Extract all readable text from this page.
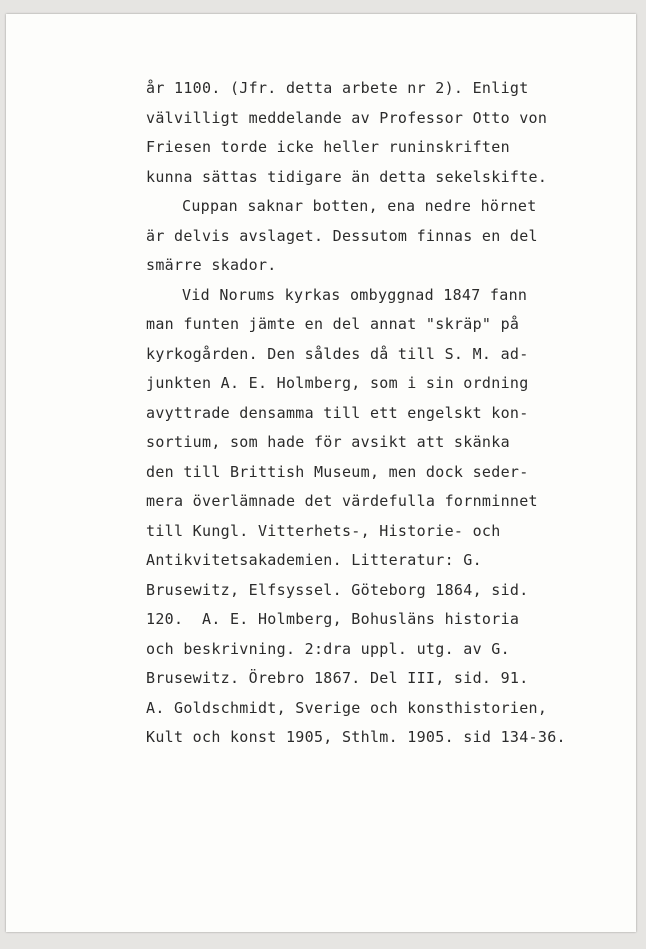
år 1100. (Jfr. detta arbete nr 2). Enligt
välvilligt meddelande av Professor Otto von
Friesen torde icke heller runinskriften
kunna sättas tidigare än detta sekelskifte.
Cuppan saknar botten, ena nedre hörnet
är delvis avslaget. Dessutom finnas en del
smärre skador.
Vid Norums kyrkas ombyggnad 1847 fann
man funten jämte en del annat "skräp" på
kyrkogården. Den såldes då till S. M. ad-
junkten A. E. Holmberg, som i sin ordning
avyttrade densamma till ett engelskt kon-
sortium, som hade för avsikt att skänka
den till Brittish Museum, men dock seder-
mera överlämnade det värdefulla fornminnet
till Kungl. Vitterhets-, Historie- och
Antikvitetsakademien. Litteratur: G.
Brusewitz, Elfsyssel. Göteborg 1864, sid.
120.  A. E. Holmberg, Bohusläns historia
och beskrivning. 2:dra uppl. utg. av G.
Brusewitz. Örebro 1867. Del III, sid. 91.
A. Goldschmidt, Sverige och konsthistorien,
Kult och konst 1905, Sthlm. 1905. sid 134-36.
